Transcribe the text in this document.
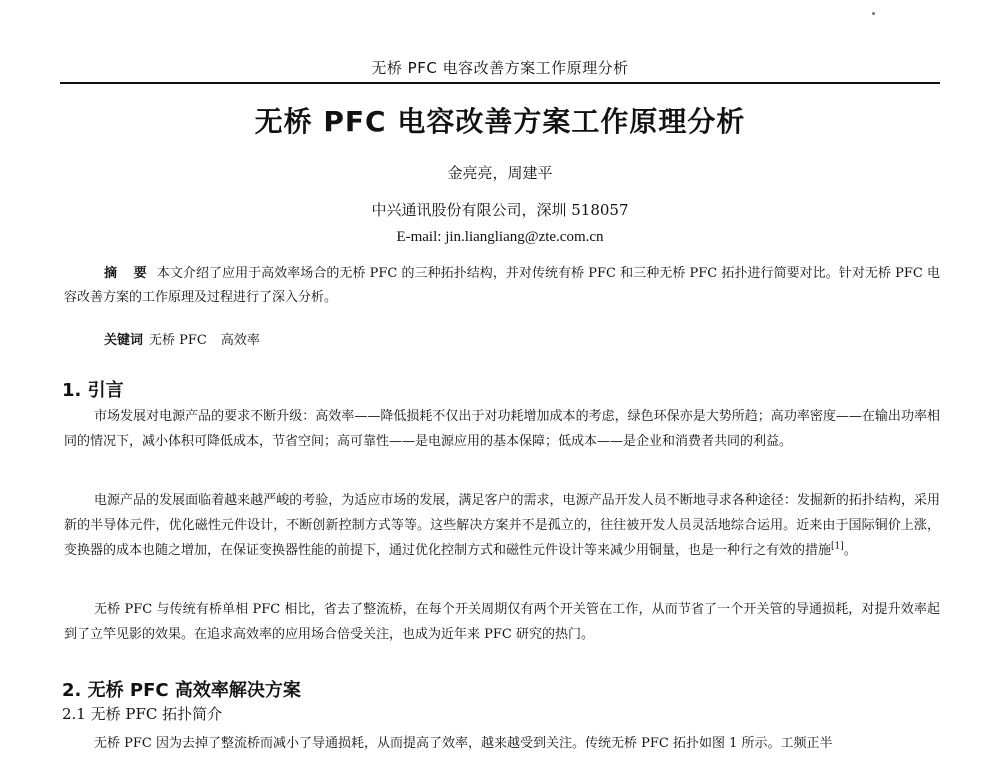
无桥 PFC 电容改善方案工作原理分析
无桥 PFC 电容改善方案工作原理分析
金亮亮，周建平
中兴通讯股份有限公司，深圳 518057
E-mail: jin.liangliang@zte.com.cn
摘 要 本文介绍了应用于高效率场合的无桥 PFC 的三种拓扑结构，并对传统有桥 PFC 和三种无桥 PFC 拓扑进行简要对比。针对无桥 PFC 电容改善方案的工作原理及过程进行了深入分析。
关键词 无桥 PFC 高效率
1. 引言
市场发展对电源产品的要求不断升级：高效率——降低损耗不仅出于对功耗增加成本的考虑，绿色环保亦是大势所趋；高功率密度——在输出功率相同的情况下，减小体积可降低成本，节省空间；高可靠性——是电源应用的基本保障；低成本——是企业和消费者共同的利益。
电源产品的发展面临着越来越严峻的考验，为适应市场的发展，满足客户的需求，电源产品开发人员不断地寻求各种途径：发掘新的拓扑结构，采用新的半导体元件，优化磁性元件设计，不断创新控制方式等等。这些解决方案并不是孤立的，往往被开发人员灵活地综合运用。近来由于国际铜价上涨，变换器的成本也随之增加，在保证变换器性能的前提下，通过优化控制方式和磁性元件设计等来减少用铜量，也是一种行之有效的措施[1]。
无桥 PFC 与传统有桥单相 PFC 相比，省去了整流桥，在每个开关周期仅有两个开关管在工作，从而节省了一个开关管的导通损耗，对提升效率起到了立竿见影的效果。在追求高效率的应用场合倍受关注，也成为近年来 PFC 研究的热门。
2. 无桥 PFC 高效率解决方案
2.1 无桥 PFC 拓扑简介
无桥 PFC 因为去掉了整流桥而减小了导通损耗，从而提高了效率，越来越受到关注。传统无桥 PFC 拓扑如图 1 所示。工频正半
